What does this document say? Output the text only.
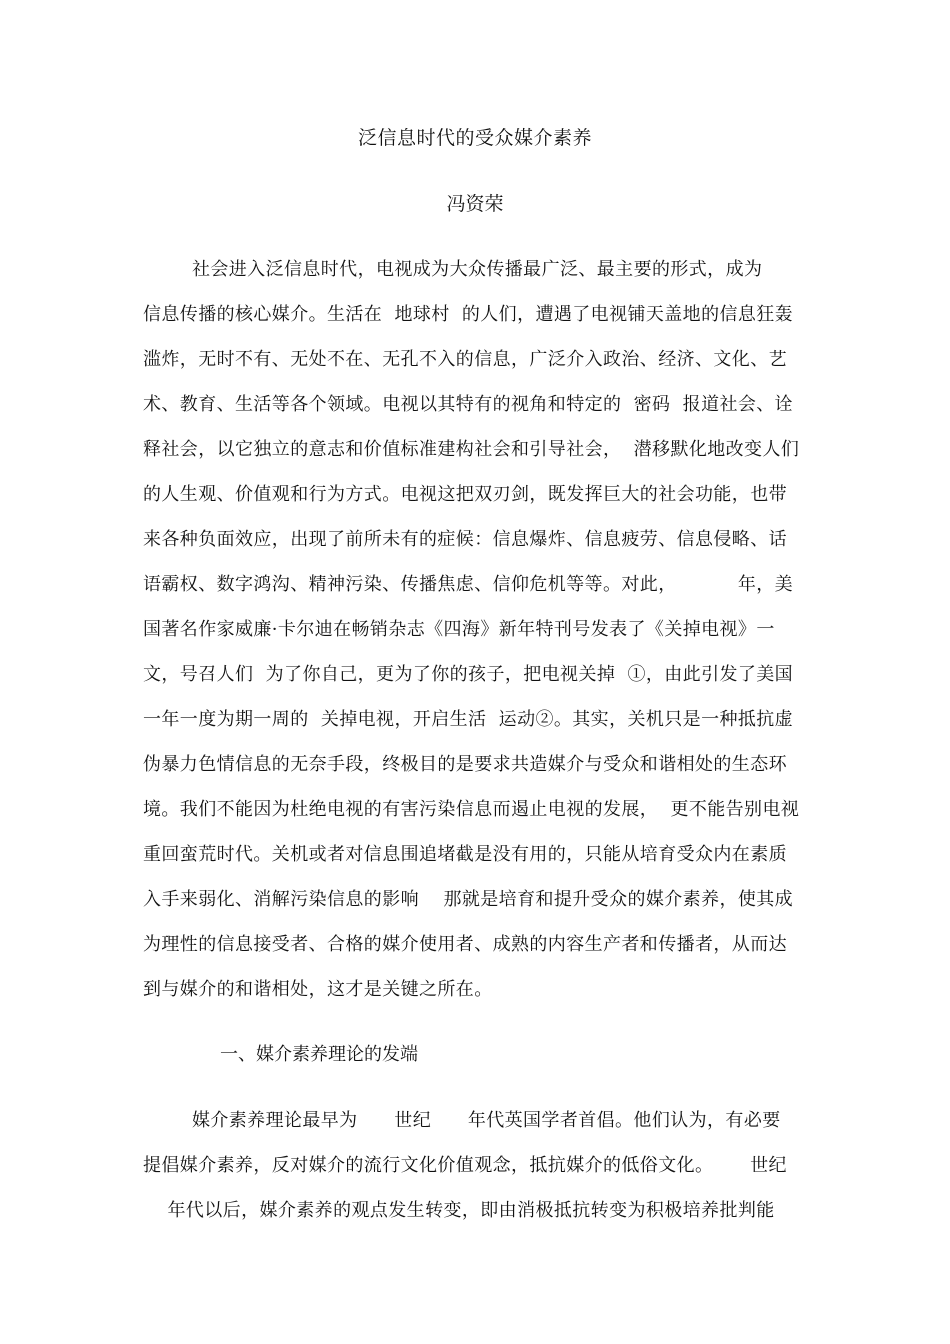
泛信息时代的受众媒介素养
冯资荣
社会进入泛信息时代，电视成为大众传播最广泛、最主要的形式，成为
信息传播的核心媒介。生活在  地球村  的人们，遭遇了电视铺天盖地的信息狂轰
滥炸，无时不有、无处不在、无孔不入的信息，广泛介入政治、经济、文化、艺
术、教育、生活等各个领域。电视以其特有的视角和特定的  密码  报道社会、诠
释社会，以它独立的意志和价值标准建构社会和引导社会，  潜移默化地改变人们
的人生观、价值观和行为方式。电视这把双刃剑，既发挥巨大的社会功能，也带
来各种负面效应，出现了前所未有的症候：信息爆炸、信息疲劳、信息侵略、话
语霸权、数字鸿沟、精神污染、传播焦虑、信仰危机等等。对此，          年，美
国著名作家威廉·卡尔迪在畅销杂志《四海》新年特刊号发表了《关掉电视》一
文，号召人们  为了你自己，更为了你的孩子，把电视关掉  ①，由此引发了美国
一年一度为期一周的  关掉电视，开启生活  运动②。其实，关机只是一种抵抗虚
伪暴力色情信息的无奈手段，终极目的是要求共造媒介与受众和谐相处的生态环
境。我们不能因为杜绝电视的有害污染信息而遏止电视的发展，  更不能告别电视
重回蛮荒时代。关机或者对信息围追堵截是没有用的，只能从培育受众内在素质
入手来弱化、消解污染信息的影响    那就是培育和提升受众的媒介素养，使其成
为理性的信息接受者、合格的媒介使用者、成熟的内容生产者和传播者，从而达
到与媒介的和谐相处，这才是关键之所在。
一、媒介素养理论的发端
媒介素养理论最早为      世纪      年代英国学者首倡。他们认为，有必要
提倡媒介素养，反对媒介的流行文化价值观念，抵抗媒介的低俗文化。      世纪
年代以后，媒介素养的观点发生转变，即由消极抵抗转变为积极培养批判能
